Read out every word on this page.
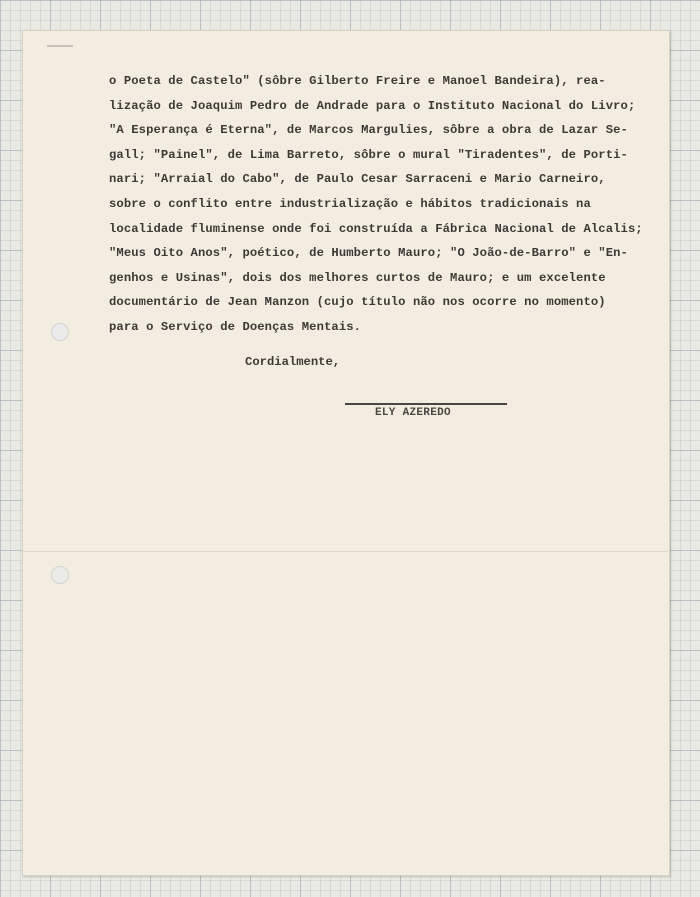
o Poeta de Castelo" (sôbre Gilberto Freire e Manoel Bandeira), rea-
lização de Joaquim Pedro de Andrade para o Instituto Nacional do Livro;
"A Esperança é Eterna", de Marcos Margulies, sôbre a obra de Lazar Se-
gall; "Painel", de Lima Barreto, sôbre o mural "Tiradentes", de Porti-
nari; "Arraial do Cabo", de Paulo Cesar Sarraceni e Mario Carneiro,
sobre o conflito entre industrialização e hábitos tradicionais na
localidade fluminense onde foi construída a Fábrica Nacional de Alcalis;
"Meus Oito Anos", poético, de Humberto Mauro; "O João-de-Barro" e "En-
genhos e Usinas", dois dos melhores curtos de Mauro; e um excelente
documentário de Jean Manzon (cujo título não nos ocorre no momento)
para o Serviço de Doenças Mentais.
Cordialmente,
ELY AZEREDO
